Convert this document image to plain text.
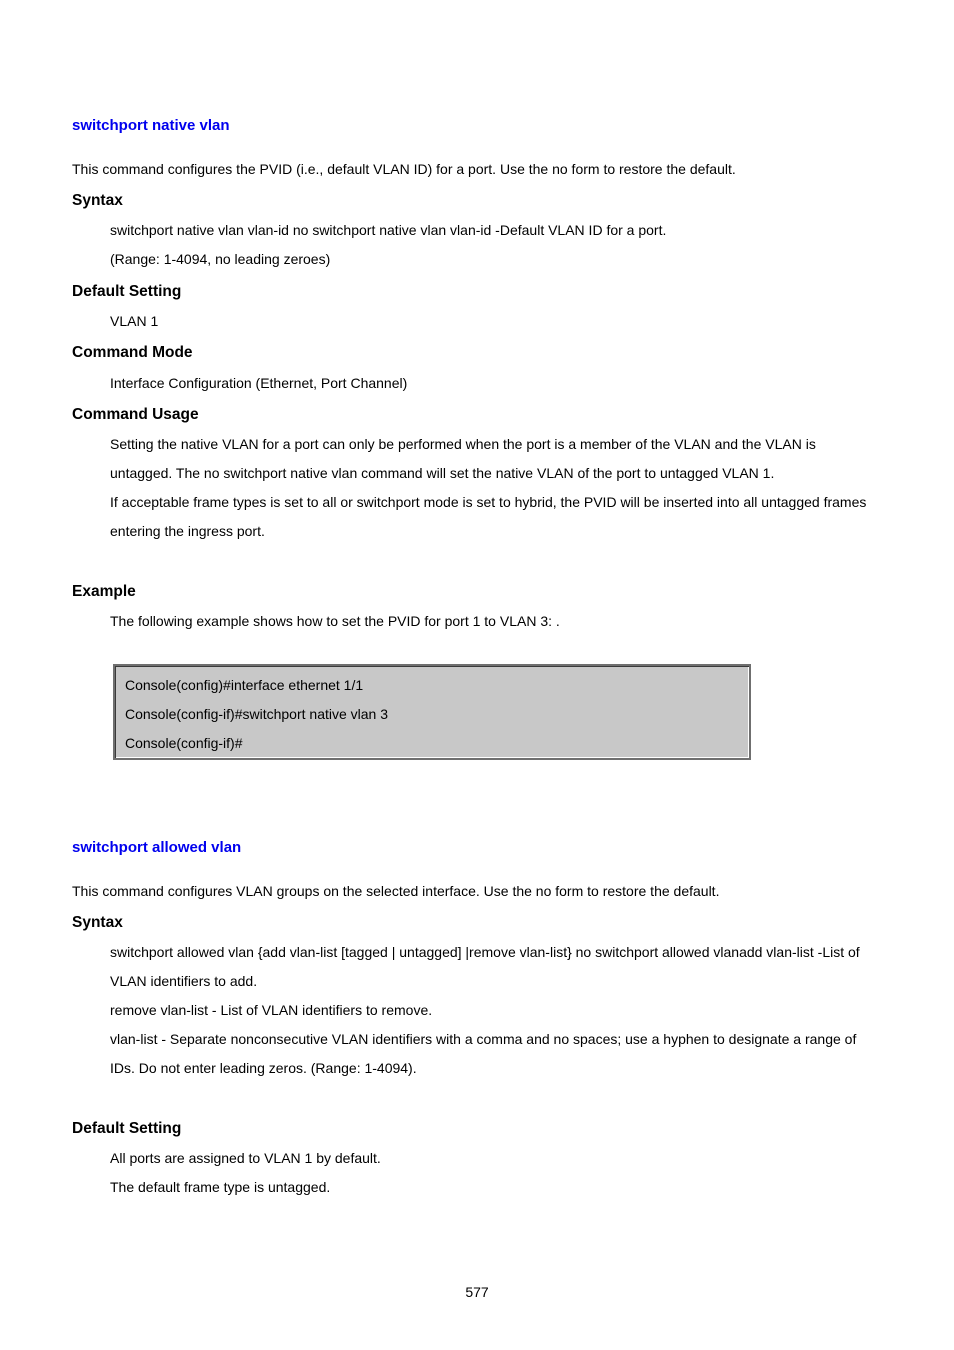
switchport native vlan
This command configures the PVID (i.e., default VLAN ID) for a port. Use the no form to restore the default.
Syntax
switchport native vlan vlan-id no switchport native vlan vlan-id -Default VLAN ID for a port.
(Range: 1-4094, no leading zeroes)
Default Setting
VLAN 1
Command Mode
Interface Configuration (Ethernet, Port Channel)
Command Usage
Setting the native VLAN for a port can only be performed when the port is a member of the VLAN and the VLAN is
untagged. The no switchport native vlan command will set the native VLAN of the port to untagged VLAN 1.
If acceptable frame types is set to all or switchport mode is set to hybrid, the PVID will be inserted into all untagged frames
entering the ingress port.
Example
The following example shows how to set the PVID for port 1 to VLAN 3: .
Console(config)#interface ethernet 1/1
Console(config-if)#switchport native vlan 3
Console(config-if)#
switchport allowed vlan
This command configures VLAN groups on the selected interface. Use the no form to restore the default.
Syntax
switchport allowed vlan {add vlan-list [tagged | untagged] |remove vlan-list} no switchport allowed vlanadd vlan-list -List of
VLAN identifiers to add.
remove vlan-list - List of VLAN identifiers to remove.
vlan-list - Separate nonconsecutive VLAN identifiers with a comma and no spaces; use a hyphen to designate a range of
IDs. Do not enter leading zeros. (Range: 1-4094).
Default Setting
All ports are assigned to VLAN 1 by default.
The default frame type is untagged.
577
